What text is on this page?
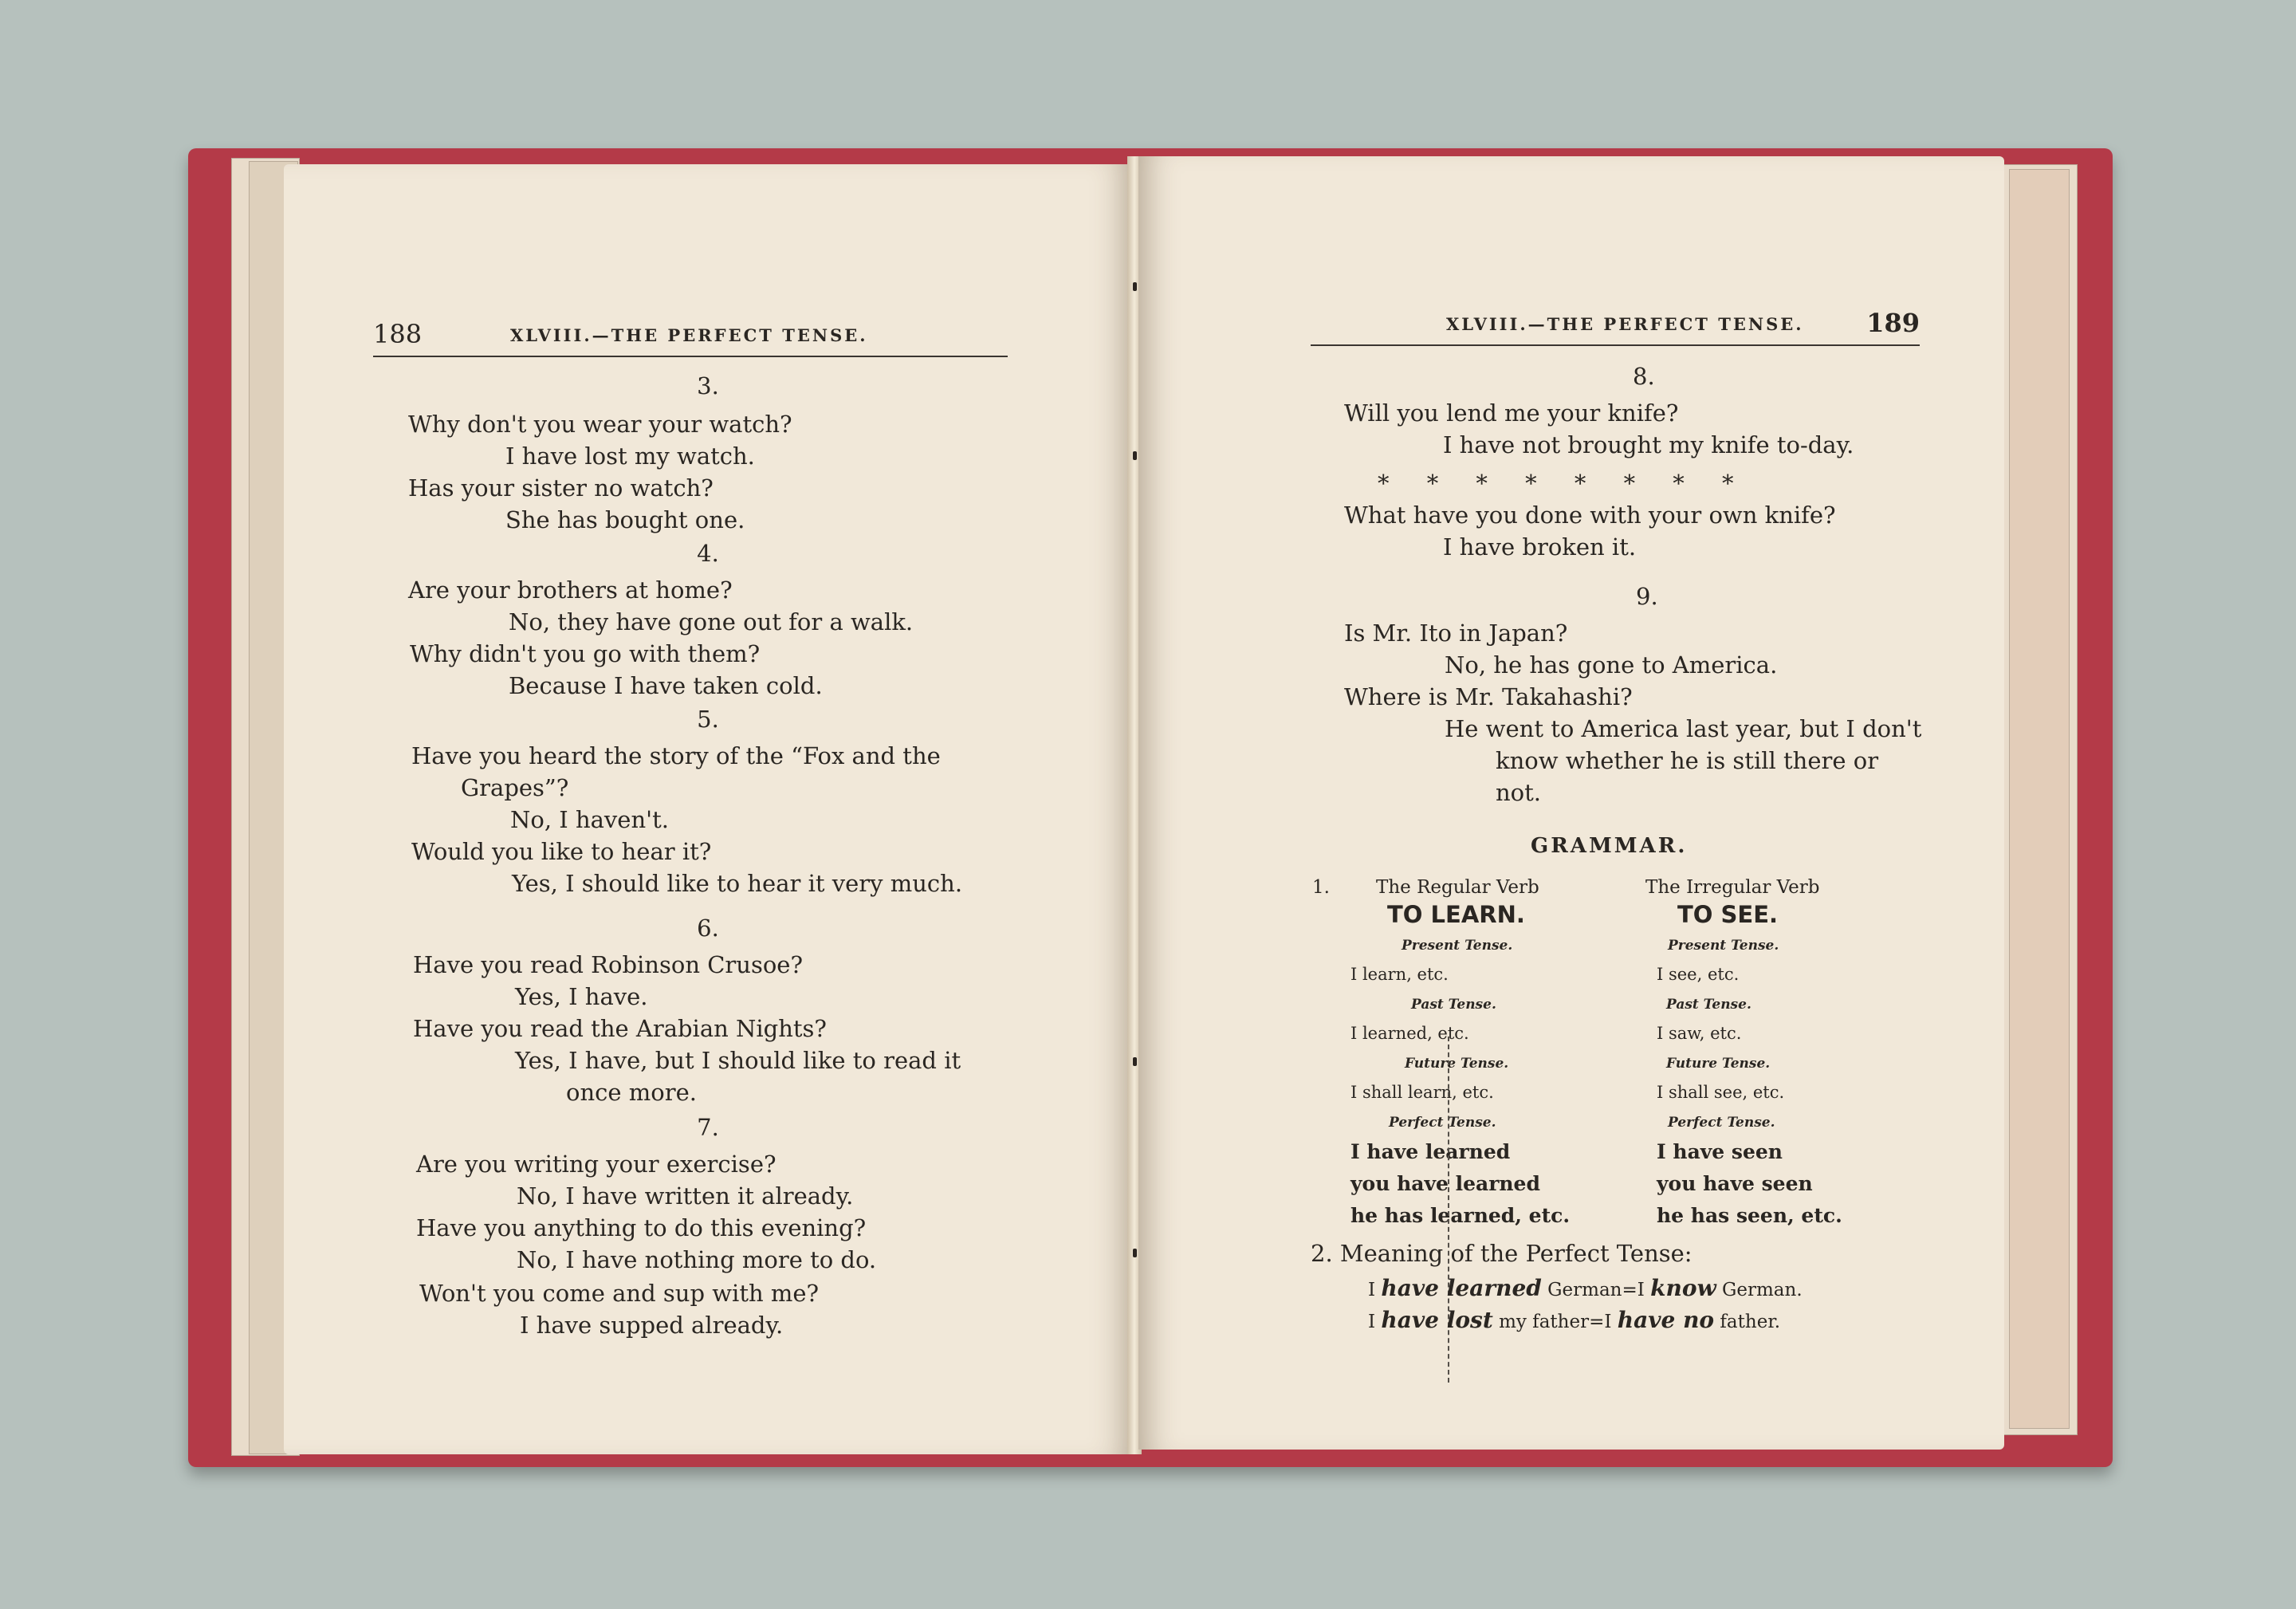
188	XLVIII.—THE PERFECT TENSE.
3.
Why don't you wear your watch?
I have lost my watch.
Has your sister no watch?
She has bought one.
4.
Are your brothers at home?
No, they have gone out for a walk.
Why didn't you go with them?
Because I have taken cold.
5.
Have you heard the story of the “Fox and the
Grapes”?
No, I haven't.
Would you like to hear it?
Yes, I should like to hear it very much.
6.
Have you read Robinson Crusoe?
Yes, I have.
Have you read the Arabian Nights?
Yes, I have, but I should like to read it
once more.
7.
Are you writing your exercise?
No, I have written it already.
Have you anything to do this evening?
No, I have nothing more to do.
Won't you come and sup with me?
I have supped already.
XLVIII.—THE PERFECT TENSE. 189
8.
Will you lend me your knife?
I have not brought my knife to-day.
* * * * * * * *
What have you done with your own knife?
I have broken it.
9.
Is Mr. Ito in Japan?
No, he has gone to America.
Where is Mr. Takahashi?
He went to America last year, but I don't
know whether he is still there or
not.
GRAMMAR.
1.	The Regular Verb
TO LEARN.
Present Tense.
I learn, etc.
Past Tense.
I learned, etc.
Future Tense.
I shall learn, etc.
Perfect Tense.
I have learned
you have learned
he has learned, etc.
The Irregular Verb
TO SEE.
Present Tense.
I see, etc.
Past Tense.
I saw, etc.
Future Tense.
I shall see, etc.
Perfect Tense.
I have seen
you have seen
he has seen, etc.
2. Meaning of the Perfect Tense:
I have learned German=I know German.
I have lost my father=I have no father.
